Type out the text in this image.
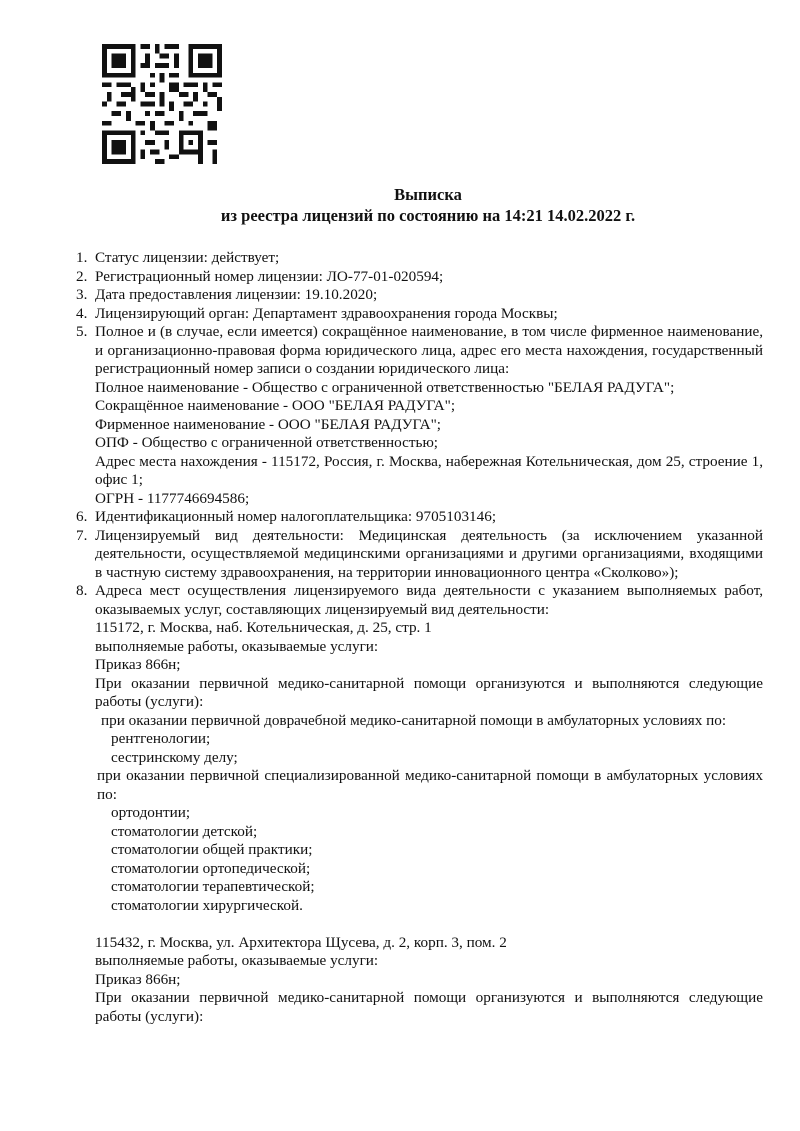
Выписка
из реестра лицензий по состоянию на 14:21 14.02.2022 г.
1. Статус лицензии: действует;
2. Регистрационный номер лицензии: ЛО-77-01-020594;
3. Дата предоставления лицензии: 19.10.2020;
4. Лицензирующий орган: Департамент здравоохранения города Москвы;
5. Полное и (в случае, если имеется) сокращённое наименование, в том числе фирменное наименование, и организационно-правовая форма юридического лица, адрес его места нахождения, государственный регистрационный номер записи о создании юридического лица:
Полное наименование - Общество с ограниченной ответственностью "БЕЛАЯ РАДУГА";
Сокращённое наименование - ООО "БЕЛАЯ РАДУГА";
Фирменное наименование - ООО "БЕЛАЯ РАДУГА";
ОПФ - Общество с ограниченной ответственностью;
Адрес места нахождения - 115172, Россия, г. Москва, набережная Котельническая, дом 25, строение 1, офис 1;
ОГРН - 1177746694586;
6. Идентификационный номер налогоплательщика: 9705103146;
7. Лицензируемый вид деятельности: Медицинская деятельность (за исключением указанной деятельности, осуществляемой медицинскими организациями и другими организациями, входящими в частную систему здравоохранения, на территории инновационного центра «Сколково»);
8. Адреса мест осуществления лицензируемого вида деятельности с указанием выполняемых работ, оказываемых услуг, составляющих лицензируемый вид деятельности:
115172, г. Москва, наб. Котельническая, д. 25, стр. 1
выполняемые работы, оказываемые услуги:
Приказ 866н;
При оказании первичной медико-санитарной помощи организуются и выполняются следующие работы (услуги):
при оказании первичной доврачебной медико-санитарной помощи в амбулаторных условиях по:
рентгенологии;
сестринскому делу;
при оказании первичной специализированной медико-санитарной помощи в амбулаторных условиях по:
ортодонтии;
стоматологии детской;
стоматологии общей практики;
стоматологии ортопедической;
стоматологии терапевтической;
стоматологии хирургической.
115432, г. Москва, ул. Архитектора Щусева, д. 2, корп. 3, пом. 2
выполняемые работы, оказываемые услуги:
Приказ 866н;
При оказании первичной медико-санитарной помощи организуются и выполняются следующие работы (услуги):
